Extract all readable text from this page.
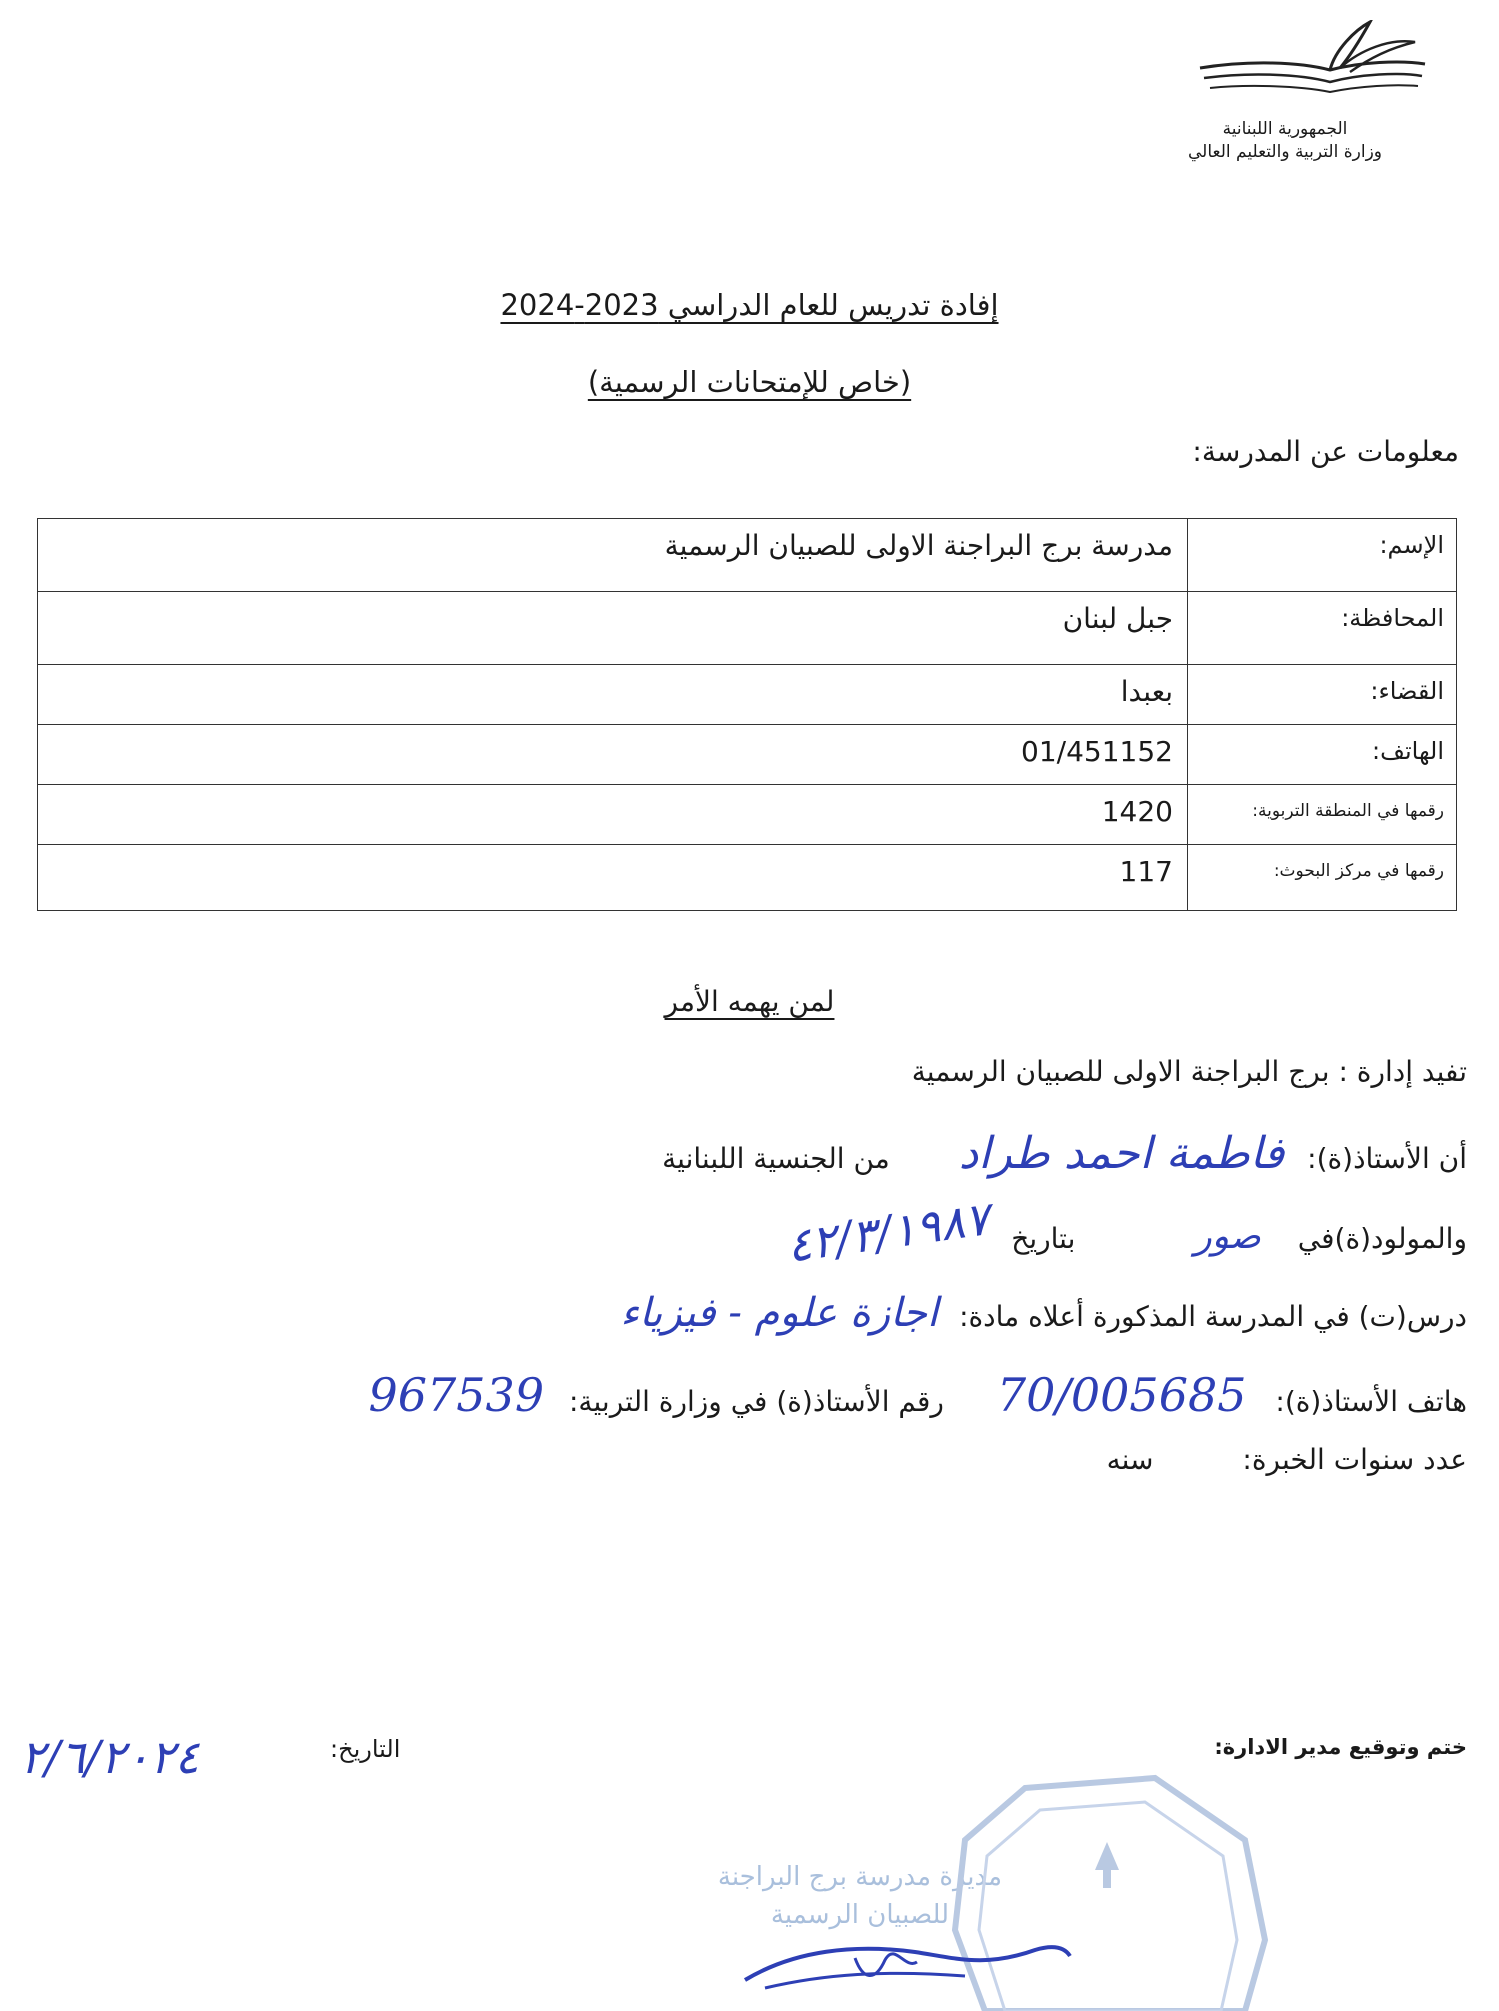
الجمهورية اللبنانية
وزارة التربية والتعليم العالي
إفادة تدريس للعام الدراسي 2023-2024
(خاص للإمتحانات الرسمية)
معلومات عن المدرسة:
الإسم:	مدرسة برج البراجنة الاولى للصبيان الرسمية
المحافظة:	جبل لبنان
القضاء:	بعبدا
الهاتف:	01/451152
رقمها في المنطقة التربوية:	1420
رقمها في مركز البحوث:	117
لمن يهمه الأمر
تفيد إدارة : برج البراجنة الاولى للصبيان الرسمية
أن الأستاذ(ة): فاطمة احمد طراد من الجنسية اللبنانية
والمولود(ة)في صور بتاريخ ٤٢/٣/١٩٨٧
درس(ت) في المدرسة المذكورة أعلاه مادة: اجازة علوم - فيزياء
هاتف الأستاذ(ة): 70/005685 رقم الأستاذ(ة) في وزارة التربية: 967539
عدد سنوات الخبرة: سنه
ختم وتوقيع مدير الادارة:
التاريخ:
٢/٦/٢٠٢٤
مديرة مدرسة برج البراجنة
للصبيان الرسمية
